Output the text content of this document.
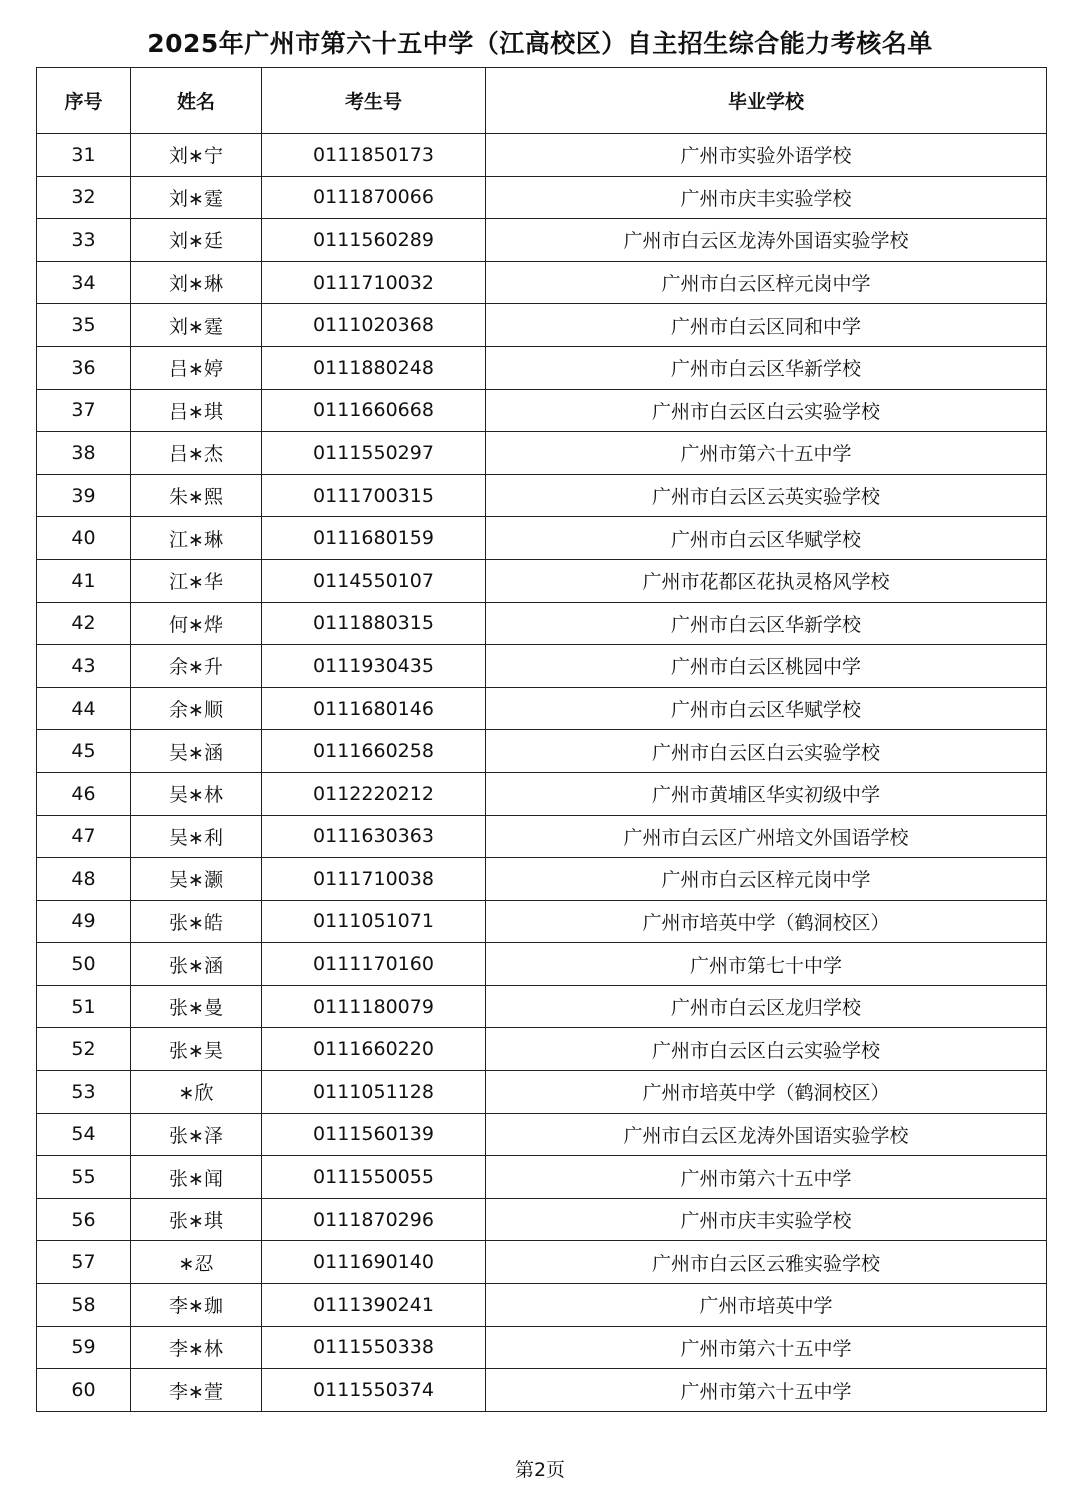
2025年广州市第六十五中学（江高校区）自主招生综合能力考核名单
序号	姓名	考生号	毕业学校
31	刘∗宁	0111850173	广州市实验外语学校
32	刘∗霆	0111870066	广州市庆丰实验学校
33	刘∗廷	0111560289	广州市白云区龙涛外国语实验学校
34	刘∗琳	0111710032	广州市白云区梓元岗中学
35	刘∗霆	0111020368	广州市白云区同和中学
36	吕∗婷	0111880248	广州市白云区华新学校
37	吕∗琪	0111660668	广州市白云区白云实验学校
38	吕∗杰	0111550297	广州市第六十五中学
39	朱∗熙	0111700315	广州市白云区云英实验学校
40	江∗琳	0111680159	广州市白云区华赋学校
41	江∗华	0114550107	广州市花都区花执灵格风学校
42	何∗烨	0111880315	广州市白云区华新学校
43	余∗升	0111930435	广州市白云区桃园中学
44	余∗顺	0111680146	广州市白云区华赋学校
45	吴∗涵	0111660258	广州市白云区白云实验学校
46	吴∗林	0112220212	广州市黄埔区华实初级中学
47	吴∗利	0111630363	广州市白云区广州培文外国语学校
48	吴∗灏	0111710038	广州市白云区梓元岗中学
49	张∗皓	0111051071	广州市培英中学（鹤洞校区）
50	张∗涵	0111170160	广州市第七十中学
51	张∗曼	0111180079	广州市白云区龙归学校
52	张∗昊	0111660220	广州市白云区白云实验学校
53	∗欣	0111051128	广州市培英中学（鹤洞校区）
54	张∗泽	0111560139	广州市白云区龙涛外国语实验学校
55	张∗闻	0111550055	广州市第六十五中学
56	张∗琪	0111870296	广州市庆丰实验学校
57	∗忍	0111690140	广州市白云区云雅实验学校
58	李∗珈	0111390241	广州市培英中学
59	李∗林	0111550338	广州市第六十五中学
60	李∗萱	0111550374	广州市第六十五中学
第2页
